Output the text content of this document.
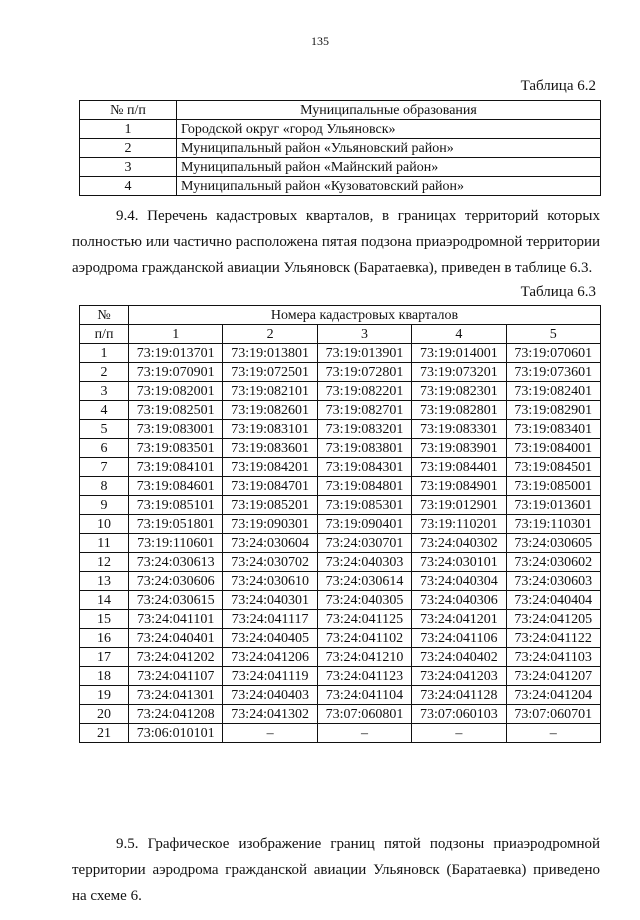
135
Таблица 6.2
№ п/п	Муниципальные образования
1	Городской округ «город Ульяновск»
2	Муниципальный район «Ульяновский район»
3	Муниципальный район «Майнский район»
4	Муниципальный район «Кузоватовский район»

9.4. Перечень кадастровых кварталов, в границах территорий которых полностью или частично расположена пятая подзона приаэродромной территории аэродрома гражданской авиации Ульяновск (Баратаевка), приведен в таблице 6.3.

Таблица 6.3
№	Номера кадастровых кварталов				
п/п	1	2	3	4	5
1	73:19:013701	73:19:013801	73:19:013901	73:19:014001	73:19:070601
2	73:19:070901	73:19:072501	73:19:072801	73:19:073201	73:19:073601
3	73:19:082001	73:19:082101	73:19:082201	73:19:082301	73:19:082401
4	73:19:082501	73:19:082601	73:19:082701	73:19:082801	73:19:082901
5	73:19:083001	73:19:083101	73:19:083201	73:19:083301	73:19:083401
6	73:19:083501	73:19:083601	73:19:083801	73:19:083901	73:19:084001
7	73:19:084101	73:19:084201	73:19:084301	73:19:084401	73:19:084501
8	73:19:084601	73:19:084701	73:19:084801	73:19:084901	73:19:085001
9	73:19:085101	73:19:085201	73:19:085301	73:19:012901	73:19:013601
10	73:19:051801	73:19:090301	73:19:090401	73:19:110201	73:19:110301
11	73:19:110601	73:24:030604	73:24:030701	73:24:040302	73:24:030605
12	73:24:030613	73:24:030702	73:24:040303	73:24:030101	73:24:030602
13	73:24:030606	73:24:030610	73:24:030614	73:24:040304	73:24:030603
14	73:24:030615	73:24:040301	73:24:040305	73:24:040306	73:24:040404
15	73:24:041101	73:24:041117	73:24:041125	73:24:041201	73:24:041205
16	73:24:040401	73:24:040405	73:24:041102	73:24:041106	73:24:041122
17	73:24:041202	73:24:041206	73:24:041210	73:24:040402	73:24:041103
18	73:24:041107	73:24:041119	73:24:041123	73:24:041203	73:24:041207
19	73:24:041301	73:24:040403	73:24:041104	73:24:041128	73:24:041204
20	73:24:041208	73:24:041302	73:07:060801	73:07:060103	73:07:060701
21	73:06:010101	–	–	–	–

9.5. Графическое изображение границ пятой подзоны приаэродромной территории аэродрома гражданской авиации Ульяновск (Баратаевка) приведено на схеме 6.
